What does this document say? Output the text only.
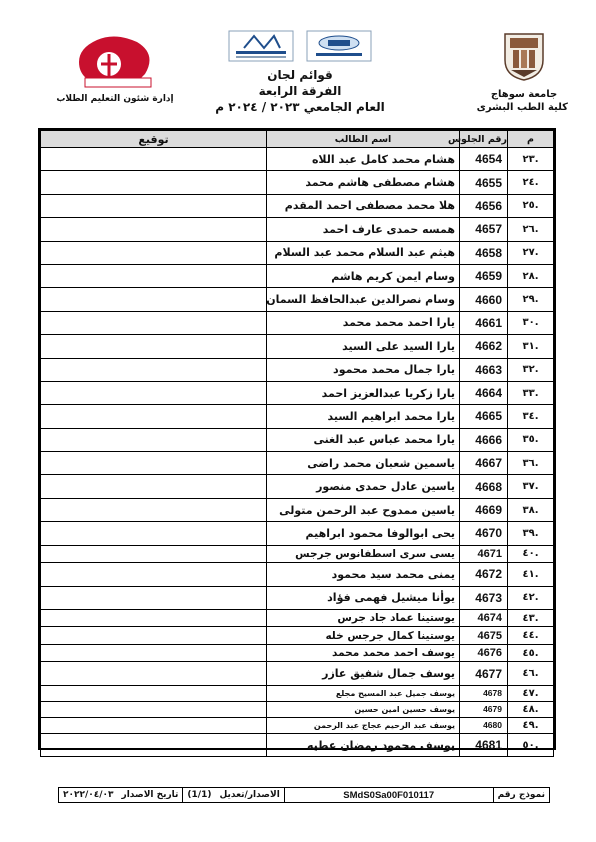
جامعة سوهاج
كلية الطب البشرى
قوائم لجان
الفرقة الرابعة
العام الجامعي ٢٠٢٣ / ٢٠٢٤ م
إدارة شئون التعليم الطلاب
م	رقم الجلوس	اسم الطالب	توقيع
.٢٣	4654	هشام محمد كامل عبد اللاه	
.٢٤	4655	هشام مصطفى هاشم محمد	
.٢٥	4656	هلا محمد مصطفى احمد المقدم	
.٢٦	4657	همسه حمدى عارف احمد	
.٢٧	4658	هيثم عبد السلام محمد عبد السلام	
.٢٨	4659	وسام ايمن كريم هاشم	
.٢٩	4660	وسام نصرالدين عبدالحافظ السمان	
.٣٠	4661	يارا احمد محمد محمد	
.٣١	4662	يارا السيد على السيد	
.٣٢	4663	يارا جمال محمد محمود	
.٣٣	4664	يارا زكريا عبدالعزيز احمد	
.٣٤	4665	يارا محمد ابراهيم السيد	
.٣٥	4666	يارا محمد عباس عبد الغنى	
.٣٦	4667	ياسمين شعبان محمد راضى	
.٣٧	4668	ياسين عادل حمدى منصور	
.٣٨	4669	ياسين ممدوح عبد الرحمن متولى	
.٣٩	4670	يحى ابوالوفا محمود ابراهيم	
.٤٠	4671	يسى سرى اسطفانوس جرجس	
.٤١	4672	يمنى محمد سيد محمود	
.٤٢	4673	يوأنا ميشيل فهمى فؤاد	
.٤٣	4674	يوستينا عماد جاد جرس	
.٤٤	4675	يوستينا كمال جرجس خله	
.٤٥	4676	يوسف احمد محمد محمد	
.٤٦	4677	يوسف جمال شفيق عازر	
.٤٧	4678	يوسف جميل عبد المسيح مجلع	
.٤٨	4679	يوسف حسين امين حسين	
.٤٩	4680	يوسف عبد الرحيم عجاج عبد الرحمن	
.٥٠	4681	يوسف محمود رمضان عطيه	
نموذج رقم
SMdS0Sa00F010117
الاصدار/تعديل
(1/1)
تاريخ الاصدار
٢٠٢٢/٠٤/٠٣
